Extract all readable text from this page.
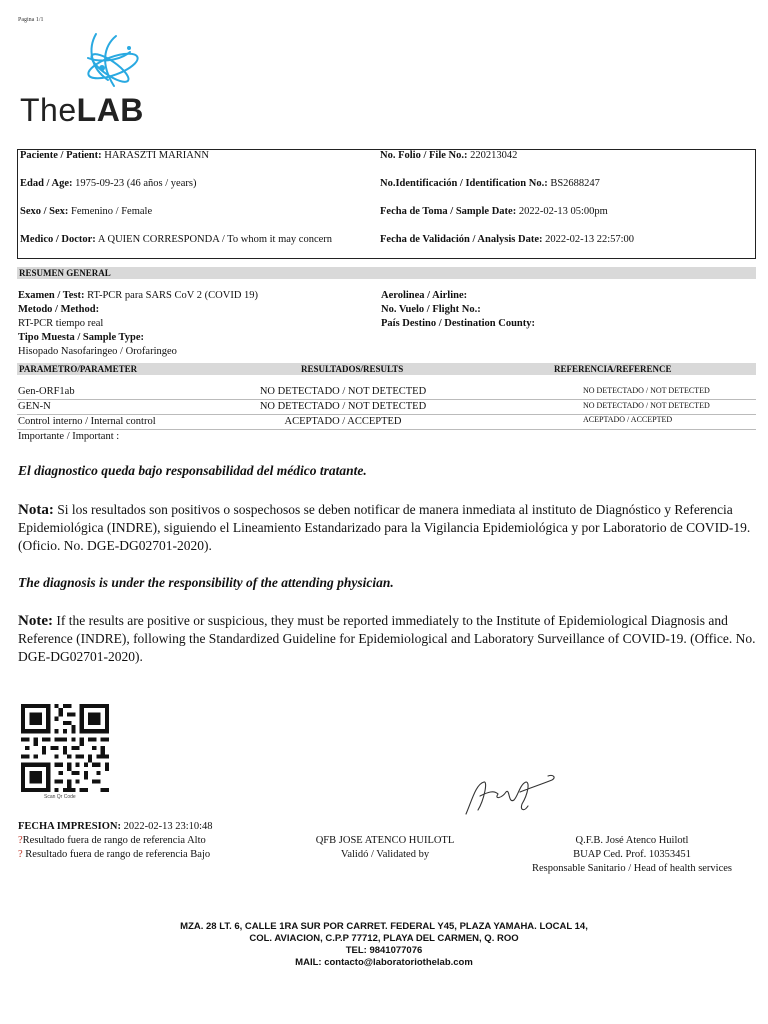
Pagina 1/1
TheLAB
Paciente / Patient: HARASZTI MARIANN	No. Folio / File No.: 220213042
Edad / Age: 1975-09-23 (46 años / years)	No.Identificación / Identification No.: BS2688247
Sexo / Sex: Femenino / Female	Fecha de Toma / Sample Date: 2022-02-13 05:00pm
Medico / Doctor: A QUIEN CORRESPONDA / To whom it may concern	Fecha de Validación / Analysis Date: 2022-02-13 22:57:00
RESUMEN GENERAL
Examen / Test: RT-PCR para SARS CoV 2 (COVID 19)
Metodo / Method:
RT-PCR tiempo real
Tipo Muesta / Sample Type:
Hisopado Nasofaringeo / Orofaringeo
Aerolinea / Airline:
No. Vuelo / Flight No.:
País Destino / Destination County:
PARAMETRO/PARAMETER	RESULTADOS/RESULTS	REFERENCIA/REFERENCE
Gen-ORF1ab	NO DETECTADO / NOT DETECTED	NO DETECTADO / NOT DETECTED
GEN-N	NO DETECTADO / NOT DETECTED	NO DETECTADO / NOT DETECTED
Control interno / Internal control	ACEPTADO / ACCEPTED	ACEPTADO / ACCEPTED
Importante / Important :
El diagnostico queda bajo responsabilidad del médico tratante.
Nota: Si los resultados son positivos o sospechosos se deben notificar de manera inmediata al instituto de Diagnóstico y Referencia Epidemiológica (INDRE), siguiendo el Lineamiento Estandarizado para la Vigilancia Epidemiológica y por Laboratorio de COVID-19. (Oficio. No. DGE-DG02701-2020).
The diagnosis is under the responsibility of the attending physician.
Note: If the results are positive or suspicious, they must be reported immediately to the Institute of Epidemiological Diagnosis and Reference (INDRE), following the Standardized Guideline for Epidemiological and Laboratory Surveillance of COVID-19. (Office. No. DGE-DG02701-2020).
Scan Qr Code
FECHA IMPRESION: 2022-02-13 23:10:48
?Resultado fuera de rango de referencia Alto
? Resultado fuera de rango de referencia Bajo
QFB JOSE ATENCO HUILOTL
Validó / Validated by
Q.F.B. José Atenco Huilotl
BUAP Ced. Prof. 10353451
Responsable Sanitario / Head of health services
MZA. 28 LT. 6, CALLE 1RA SUR POR CARRET. FEDERAL Y45, PLAZA YAMAHA. LOCAL 14,
COL. AVIACION, C.P.P 77712, PLAYA DEL CARMEN, Q. ROO
TEL: 9841077076
MAIL: contacto@laboratoriothelab.com
